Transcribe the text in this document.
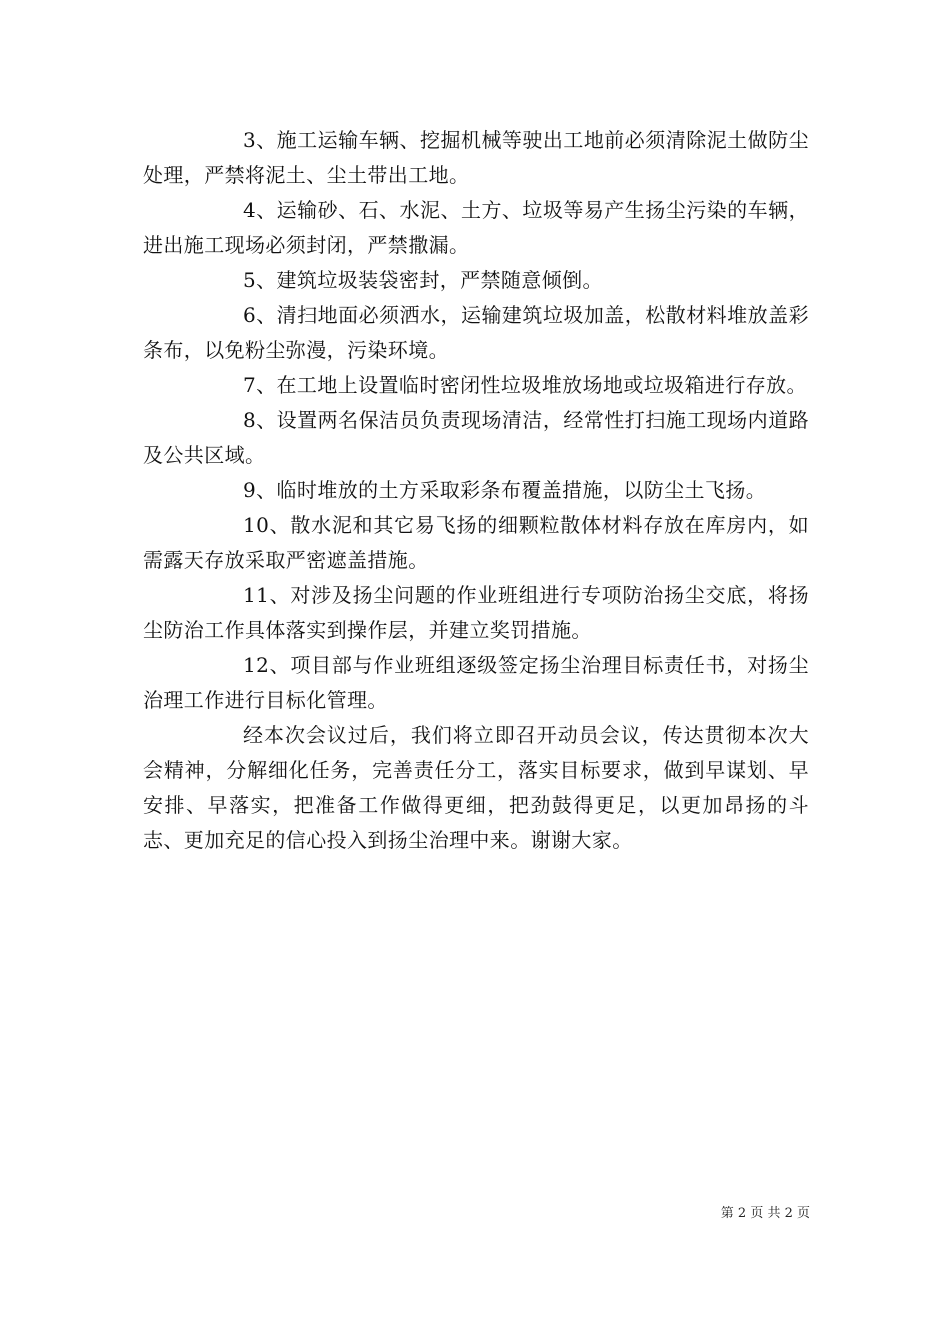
3、施工运输车辆、挖掘机械等驶出工地前必须清除泥土做防尘处理，严禁将泥土、尘土带出工地。

4、运输砂、石、水泥、土方、垃圾等易产生扬尘污染的车辆，进出施工现场必须封闭，严禁撒漏。

5、建筑垃圾装袋密封，严禁随意倾倒。

6、清扫地面必须洒水，运输建筑垃圾加盖，松散材料堆放盖彩条布，以免粉尘弥漫，污染环境。

7、在工地上设置临时密闭性垃圾堆放场地或垃圾箱进行存放。

8、设置两名保洁员负责现场清洁，经常性打扫施工现场内道路及公共区域。

9、临时堆放的土方采取彩条布覆盖措施，以防尘土飞扬。

10、散水泥和其它易飞扬的细颗粒散体材料存放在库房内，如需露天存放采取严密遮盖措施。

11、对涉及扬尘问题的作业班组进行专项防治扬尘交底，将扬尘防治工作具体落实到操作层，并建立奖罚措施。

12、项目部与作业班组逐级签定扬尘治理目标责任书，对扬尘治理工作进行目标化管理。

经本次会议过后，我们将立即召开动员会议，传达贯彻本次大会精神，分解细化任务，完善责任分工，落实目标要求，做到早谋划、早安排、早落实，把准备工作做得更细，把劲鼓得更足，以更加昂扬的斗志、更加充足的信心投入到扬尘治理中来。谢谢大家。

第 2 页 共 2 页
